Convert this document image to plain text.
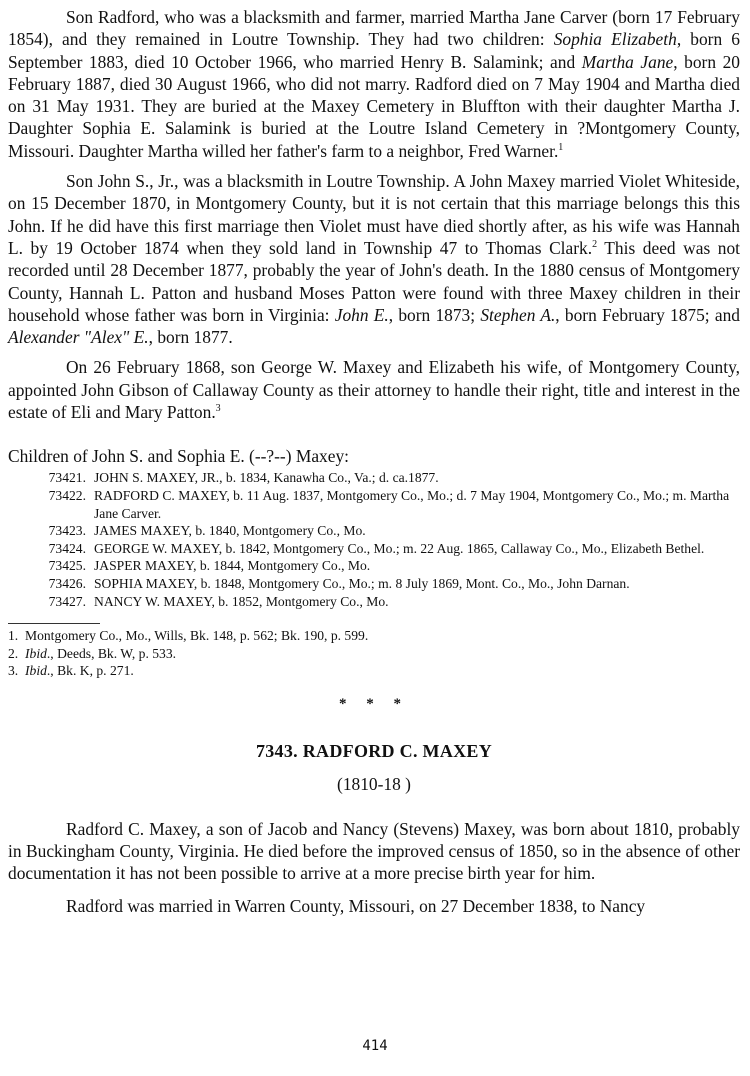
Son Radford, who was a blacksmith and farmer, married Martha Jane Carver (born 17 February 1854), and they remained in Loutre Township. They had two children: Sophia Elizabeth, born 6 September 1883, died 10 October 1966, who married Henry B. Salamink; and Martha Jane, born 20 February 1887, died 30 August 1966, who did not marry. Radford died on 7 May 1904 and Martha died on 31 May 1931. They are buried at the Maxey Cemetery in Bluffton with their daughter Martha J. Daughter Sophia E. Salamink is buried at the Loutre Island Cemetery in ?Montgomery County, Missouri. Daughter Martha willed her father's farm to a neighbor, Fred Warner.$^1$

Son John S., Jr., was a blacksmith in Loutre Township. A John Maxey married Violet Whiteside, on 15 December 1870, in Montgomery County, but it is not certain that this marriage belongs this this John. If he did have this first marriage then Violet must have died shortly after, as his wife was Hannah L. by 19 October 1874 when they sold land in Township 47 to Thomas Clark.$^2$ This deed was not recorded until 28 December 1877, probably the year of John's death. In the 1880 census of Montgomery County, Hannah L. Patton and husband Moses Patton were found with three Maxey children in their household whose father was born in Virginia: John E., born 1873; Stephen A., born February 1875; and Alexander "Alex" E., born 1877.

On 26 February 1868, son George W. Maxey and Elizabeth his wife, of Montgomery County, appointed John Gibson of Callaway County as their attorney to handle their right, title and interest in the estate of Eli and Mary Patton.$^3$

Children of John S. and Sophia E. (--?--) Maxey:
73421. JOHN S. MAXEY, JR., b. 1834, Kanawha Co., Va.; d. ca.1877.
73422. RADFORD C. MAXEY, b. 11 Aug. 1837, Montgomery Co., Mo.; d. 7 May 1904, Montgomery Co., Mo.; m. Martha Jane Carver.
73423. JAMES MAXEY, b. 1840, Montgomery Co., Mo.
73424. GEORGE W. MAXEY, b. 1842, Montgomery Co., Mo.; m. 22 Aug. 1865, Callaway Co., Mo., Elizabeth Bethel.
73425. JASPER MAXEY, b. 1844, Montgomery Co., Mo.
73426. SOPHIA MAXEY, b. 1848, Montgomery Co., Mo.; m. 8 July 1869, Mont. Co., Mo., John Darnan.
73427. NANCY W. MAXEY, b. 1852, Montgomery Co., Mo.
1. Montgomery Co., Mo., Wills, Bk. 148, p. 562; Bk. 190, p. 599.
2. Ibid., Deeds, Bk. W, p. 533.
3. Ibid., Bk. K, p. 271.
* * *
7343. RADFORD C. MAXEY
(1810-18 )

Radford C. Maxey, a son of Jacob and Nancy (Stevens) Maxey, was born about 1810, probably in Buckingham County, Virginia. He died before the improved census of 1850, so in the absence of other documentation it has not been possible to arrive at a more precise birth year for him.

Radford was married in Warren County, Missouri, on 27 December 1838, to Nancy

414
